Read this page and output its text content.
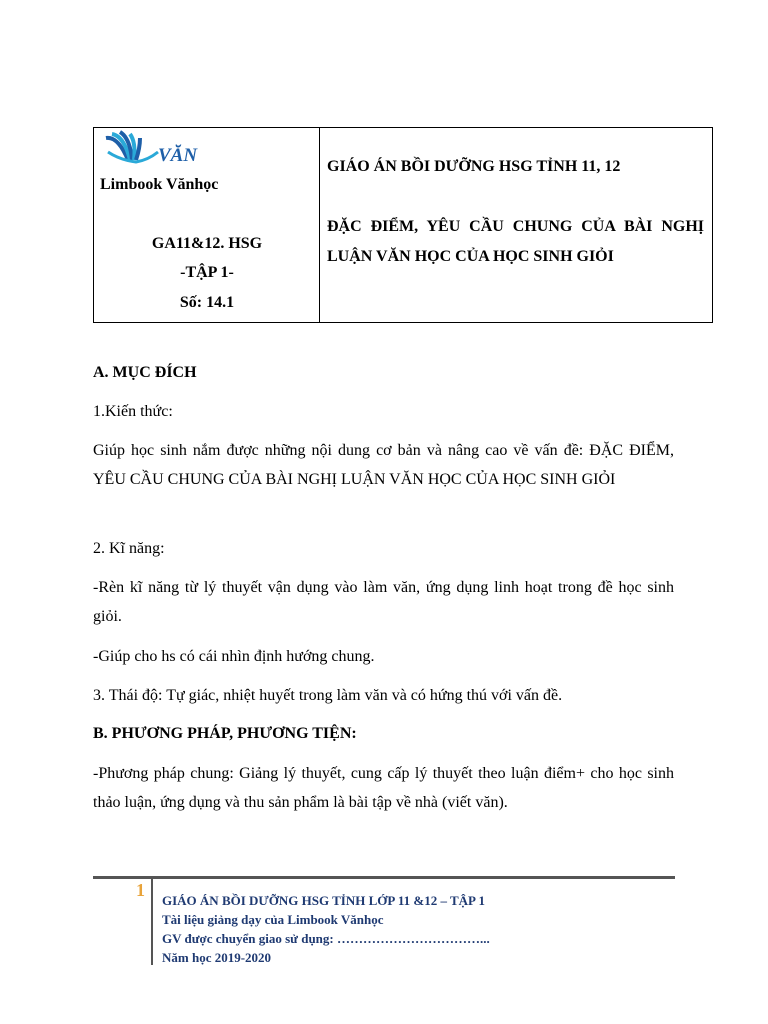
VĂN
Limbook Vănhọc
GA11&12. HSG
-TẬP 1-
Số: 14.1
GIÁO ÁN BỒI DƯỠNG HSG TỈNH 11, 12
ĐẶC ĐIỂM, YÊU CẦU CHUNG CỦA BÀI NGHỊ LUẬN VĂN HỌC CỦA HỌC SINH GIỎI
A. MỤC ĐÍCH
1.Kiến thức:
Giúp học sinh nắm được những nội dung cơ bản và nâng cao về vấn đề: ĐẶC ĐIỂM, YÊU CẦU CHUNG CỦA BÀI NGHỊ LUẬN VĂN HỌC CỦA HỌC SINH GIỎI
2. Kĩ năng:
-Rèn kĩ năng từ lý thuyết vận dụng vào làm văn, ứng dụng linh hoạt trong đề học sinh giỏi.
-Giúp cho hs có cái nhìn định hướng chung.
3. Thái độ: Tự giác, nhiệt huyết trong làm văn và có hứng thú với vấn đề.
B. PHƯƠNG PHÁP, PHƯƠNG TIỆN:
-Phương pháp chung: Giảng lý thuyết, cung cấp lý thuyết theo luận điểm+ cho học sinh thảo luận, ứng dụng và thu sản phẩm là bài tập về nhà (viết văn).
1
GIÁO ÁN BỒI DƯỠNG HSG TỈNH LỚP 11 &12 – TẬP 1
Tài liệu giảng dạy của Limbook Vănhọc
GV được chuyển giao sử dụng: ……………………………...
Năm học 2019-2020
